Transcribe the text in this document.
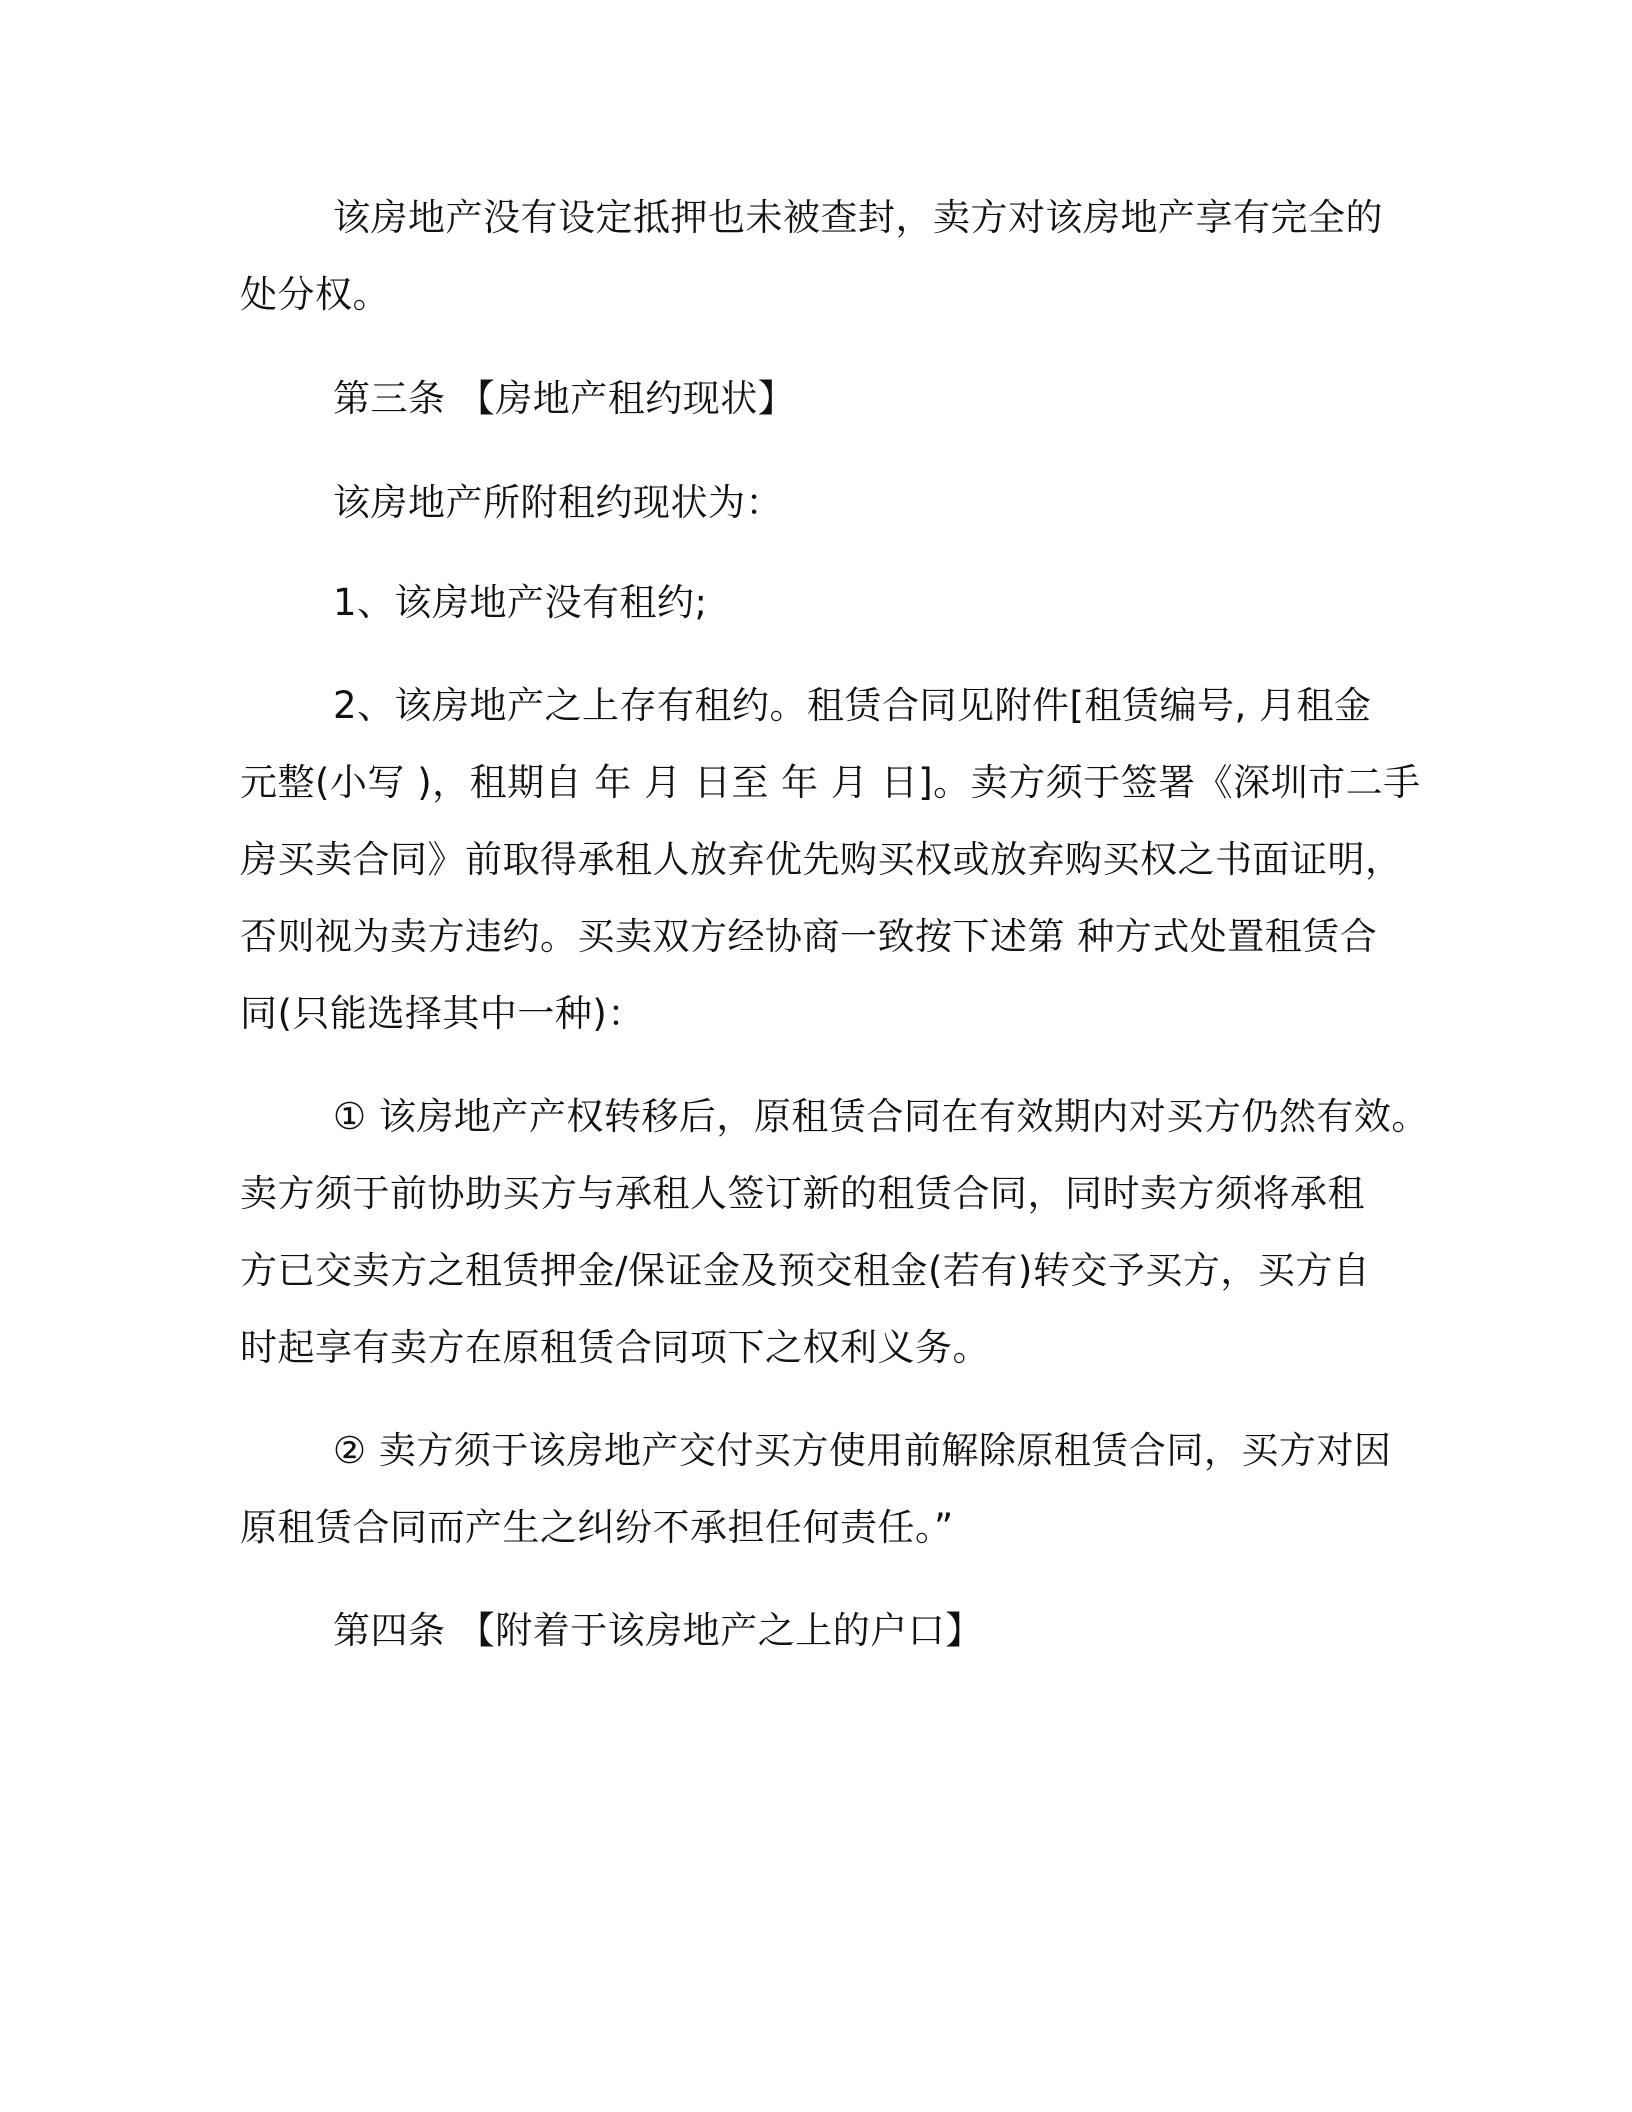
该房地产没有设定抵押也未被查封，卖方对该房地产享有完全的
处分权。
第三条 【房地产租约现状】
该房地产所附租约现状为：
1、该房地产没有租约;
2、该房地产之上存有租约。租赁合同见附件[租赁编号, 月租金
元整(小写 )，租期自 年 月 日至 年 月 日]。卖方须于签署《深圳市二手
房买卖合同》前取得承租人放弃优先购买权或放弃购买权之书面证明，
否则视为卖方违约。买卖双方经协商一致按下述第 种方式处置租赁合
同(只能选择其中一种)：
① 该房地产产权转移后，原租赁合同在有效期内对买方仍然有效。
卖方须于前协助买方与承租人签订新的租赁合同，同时卖方须将承租
方已交卖方之租赁押金/保证金及预交租金(若有)转交予买方，买方自
时起享有卖方在原租赁合同项下之权利义务。
② 卖方须于该房地产交付买方使用前解除原租赁合同，买方对因
原租赁合同而产生之纠纷不承担任何责任。”
第四条 【附着于该房地产之上的户口】
